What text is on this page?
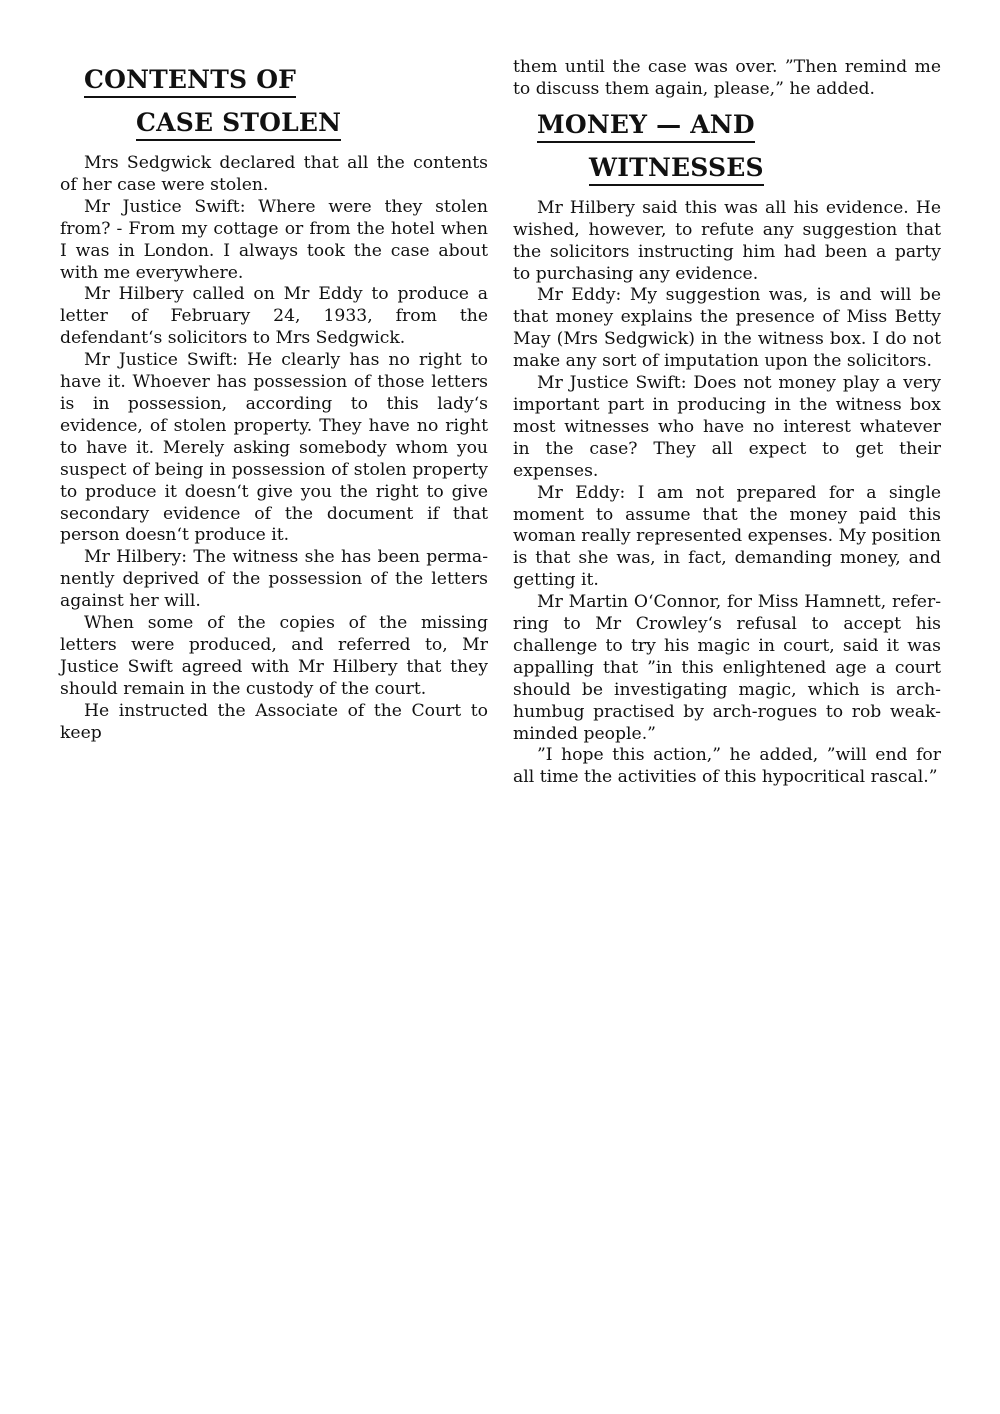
CONTENTS OF
CASE STOLEN

Mrs Sedgwick declared that all the contents of her case were stolen.

Mr Justice Swift: Where were they stolen from? - From my cottage or from the hotel when I was in London. I always took the case about with me everywhere.

Mr Hilbery called on Mr Eddy to produce a letter of February 24, 1933, from the defendant‘s solicitors to Mrs Sedgwick.

Mr Justice Swift: He clearly has no right to have it. Whoever has possession of those letters is in possession, according to this lady‘s evidence, of stolen property. They have no right to have it. Merely asking somebody whom you suspect of being in possession of stolen property to produce it doesn‘t give you the right to give secondary evidence of the document if that person doesn‘t produce it.

Mr Hilbery: The witness she has been permanently deprived of the possession of the letters against her will.

When some of the copies of the missing letters were produced, and referred to, Mr Justice Swift agreed with Mr Hilbery that they should remain in the custody of the court.

He instructed the Associate of the Court to keep

them until the case was over. ”Then remind me to discuss them again, please,” he added.

MONEY — AND
WITNESSES

Mr Hilbery said this was all his evidence. He wished, however, to refute any suggestion that the solicitors instructing him had been a party to purchasing any evidence.

Mr Eddy: My suggestion was, is and will be that money explains the presence of Miss Betty May (Mrs Sedgwick) in the witness box. I do not make any sort of imputation upon the solicitors.

Mr Justice Swift: Does not money play a very important part in producing in the witness box most witnesses who have no interest whatever in the case? They all expect to get their expenses.

Mr Eddy: I am not prepared for a single moment to assume that the money paid this woman really represented expenses. My position is that she was, in fact, demanding money, and getting it.

Mr Martin O‘Connor, for Miss Hamnett, referring to Mr Crowley‘s refusal to accept his challenge to try his magic in court, said it was appalling that ”in this enlightened age a court should be investigating magic, which is arch-humbug practised by arch-rogues to rob weak-minded people.”

”I hope this action,” he added, ”will end for all time the activities of this hypocritical rascal.”
